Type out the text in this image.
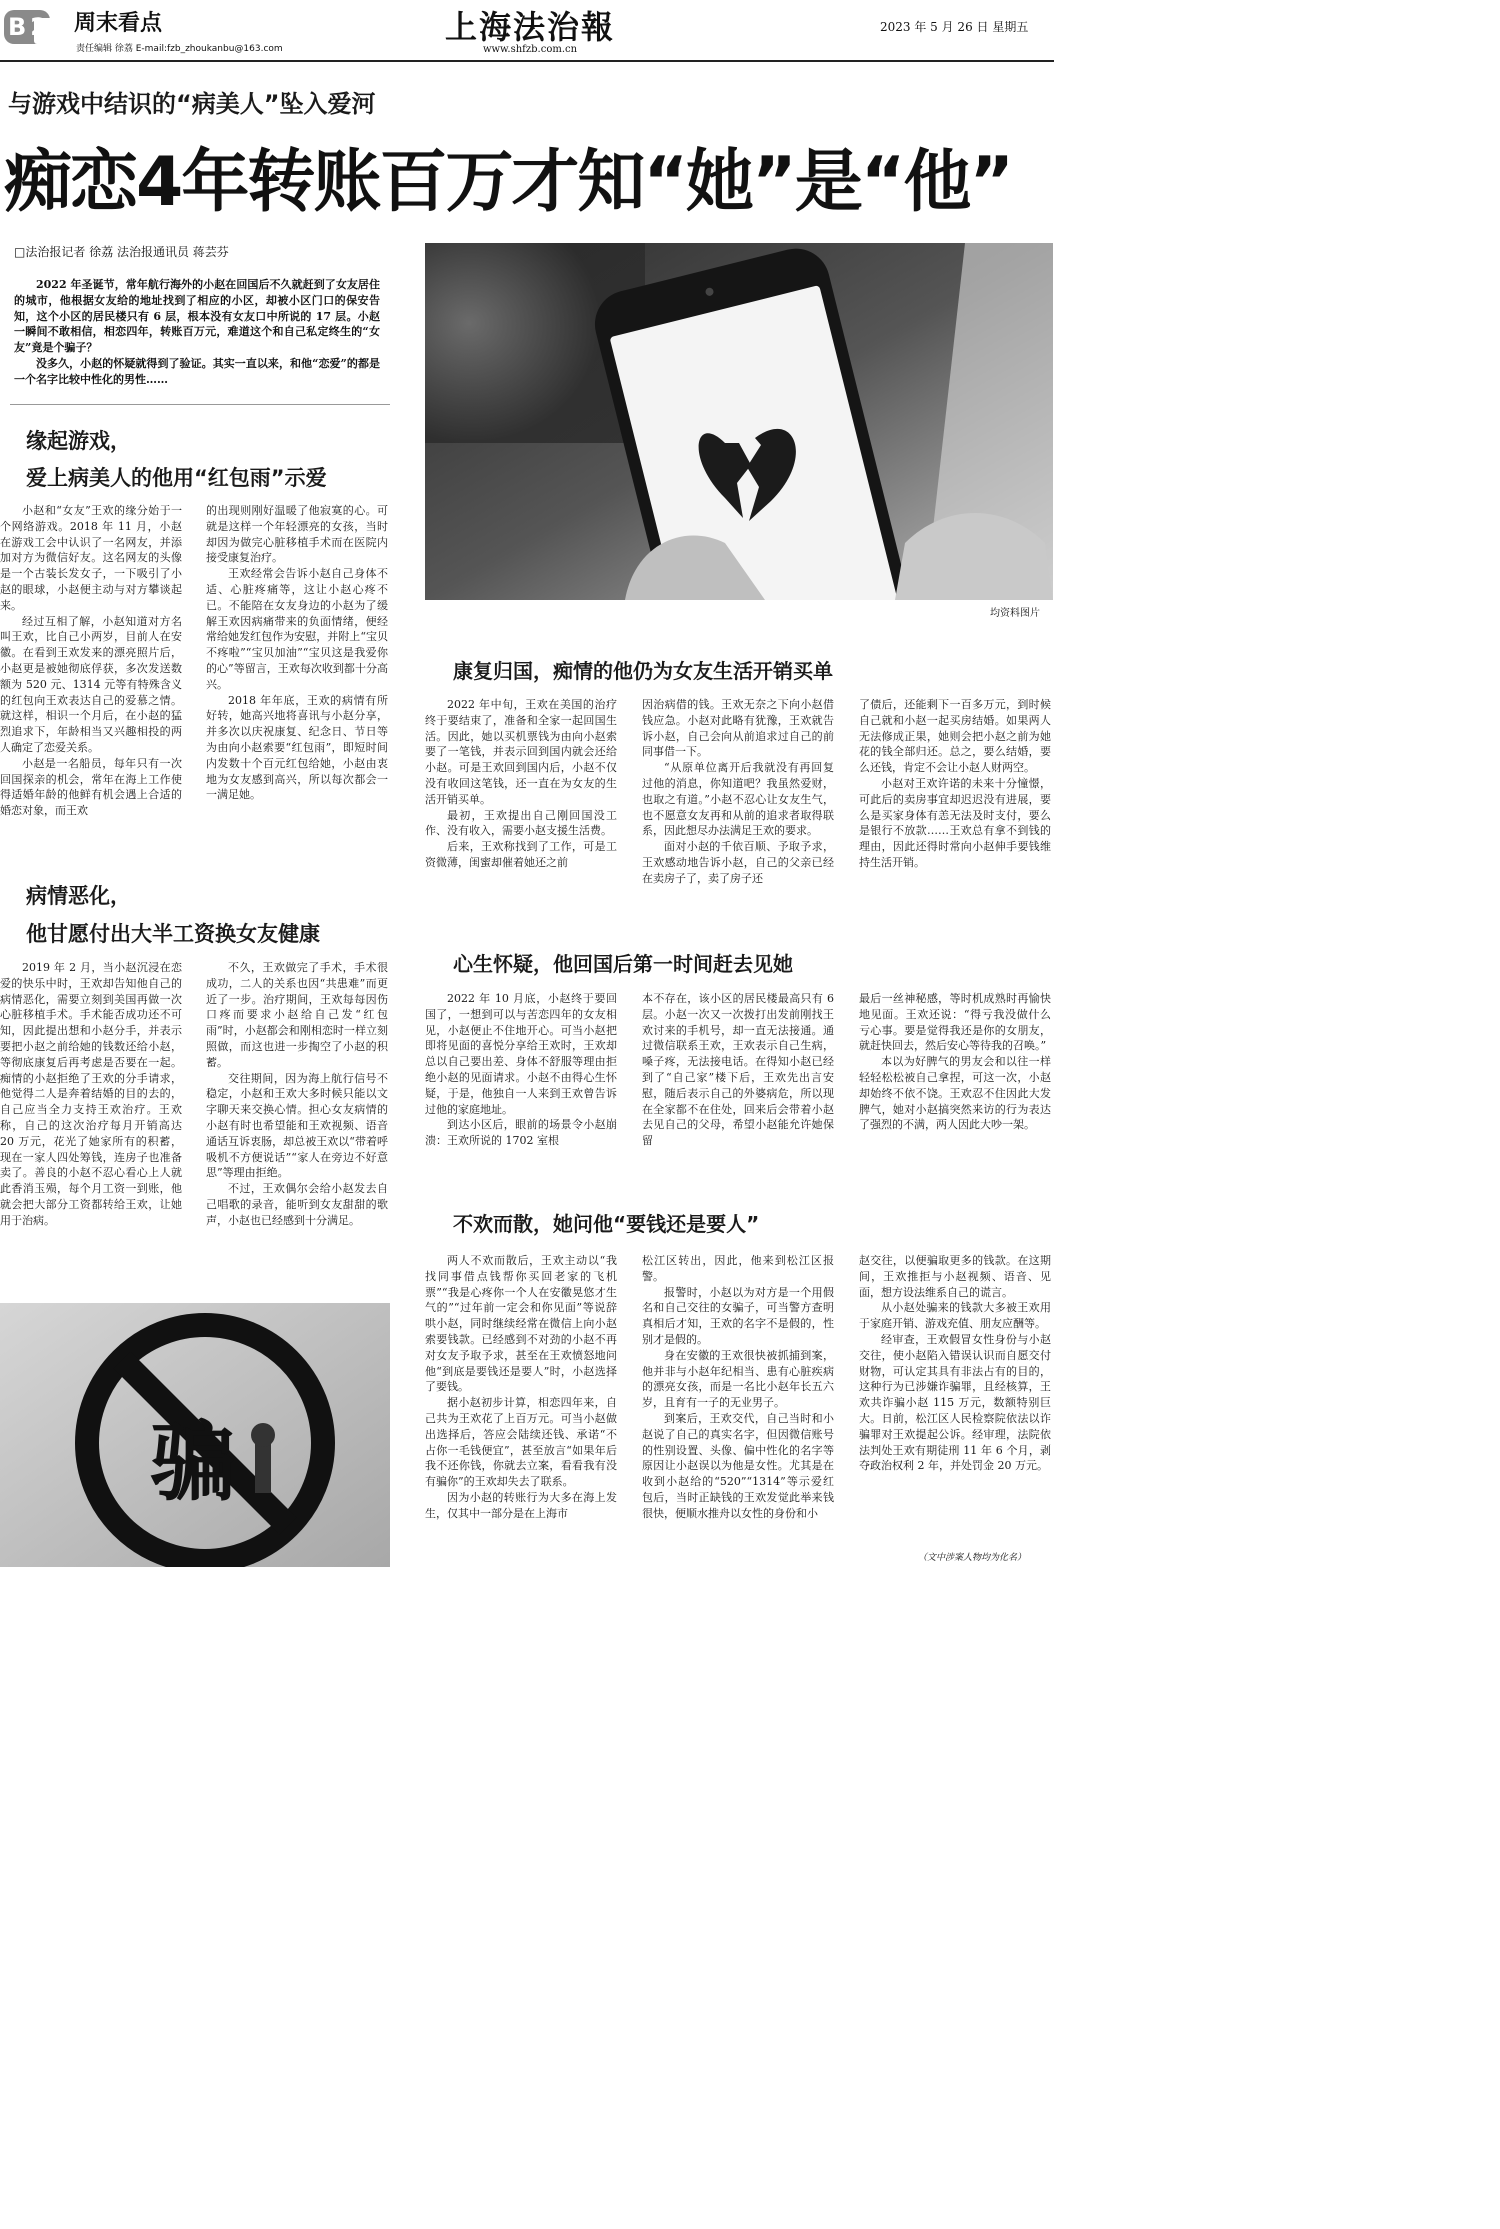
B2 周末看点
责任编辑 徐荔 E-mail:fzb_zhoukanbu@163.com
上海法治報
www.shfzb.com.cn
2023 年 5 月 26 日 星期五
与游戏中结识的“病美人”坠入爱河
痴恋4年转账百万才知“她”是“他”
□法治报记者 徐荔 法治报通讯员 蒋芸芬

2022 年圣诞节，常年航行海外的小赵在回国后不久就赶到了女友居住的城市，他根据女友给的地址找到了相应的小区，却被小区门口的保安告知，这个小区的居民楼只有 6 层，根本没有女友口中所说的 17 层。小赵一瞬间不敢相信，相恋四年，转账百万元，难道这个和自己私定终生的“女友”竟是个骗子？

没多久，小赵的怀疑就得到了验证。其实一直以来，和他“恋爱”的都是一个名字比较中性化的男性……

均资料图片
缘起游戏，
爱上病美人的他用“红包雨”示爱

小赵和“女友”王欢的缘分始于一个网络游戏。2018 年 11 月，小赵在游戏工会中认识了一名网友，并添加对方为微信好友。这名网友的头像是一个古装长发女子，一下吸引了小赵的眼球，小赵便主动与对方攀谈起来。

经过互相了解，小赵知道对方名叫王欢，比自己小两岁，目前人在安徽。在看到王欢发来的漂亮照片后，小赵更是被她彻底俘获，多次发送数额为 520 元、1314 元等有特殊含义的红包向王欢表达自己的爱慕之情。就这样，相识一个月后，在小赵的猛烈追求下，年龄相当又兴趣相投的两人确定了恋爱关系。

小赵是一名船员，每年只有一次回国探亲的机会，常年在海上工作使得适婚年龄的他鲜有机会遇上合适的婚恋对象，而王欢

的出现则刚好温暖了他寂寞的心。可就是这样一个年轻漂亮的女孩，当时却因为做完心脏移植手术而在医院内接受康复治疗。

王欢经常会告诉小赵自己身体不适、心脏疼痛等，这让小赵心疼不已。不能陪在女友身边的小赵为了缓解王欢因病痛带来的负面情绪，便经常给她发红包作为安慰，并附上“宝贝不疼啦”“宝贝加油”“宝贝这是我爱你的心”等留言，王欢每次收到都十分高兴。

2018 年年底，王欢的病情有所好转，她高兴地将喜讯与小赵分享，并多次以庆祝康复、纪念日、节日等为由向小赵索要“红包雨”，即短时间内发数十个百元红包给她，小赵由衷地为女友感到高兴，所以每次都会一一满足她。

病情恶化，
他甘愿付出大半工资换女友健康

2019 年 2 月，当小赵沉浸在恋爱的快乐中时，王欢却告知他自己的病情恶化，需要立刻到美国再做一次心脏移植手术。手术能否成功还不可知，因此提出想和小赵分手，并表示要把小赵之前给她的钱数还给小赵，等彻底康复后再考虑是否要在一起。痴情的小赵拒绝了王欢的分手请求，他觉得二人是奔着结婚的目的去的，自己应当全力支持王欢治疗。王欢称，自己的这次治疗每月开销高达 20 万元，花光了她家所有的积蓄，现在一家人四处筹钱，连房子也准备卖了。善良的小赵不忍心看心上人就此香消玉殒，每个月工资一到账，他就会把大部分工资都转给王欢，让她用于治病。

不久，王欢做完了手术，手术很成功，二人的关系也因“共患难”而更近了一步。治疗期间，王欢每每因伤口疼而要求小赵给自己发“红包雨”时，小赵都会和刚相恋时一样立刻照做，而这也进一步掏空了小赵的积蓄。

交往期间，因为海上航行信号不稳定，小赵和王欢大多时候只能以文字聊天来交换心情。担心女友病情的小赵有时也希望能和王欢视频、语音通话互诉衷肠，却总被王欢以“带着呼吸机不方便说话”“家人在旁边不好意思”等理由拒绝。

不过，王欢偶尔会给小赵发去自己唱歌的录音，能听到女友甜甜的歌声，小赵也已经感到十分满足。

骗
康复归国，痴情的他仍为女友生活开销买单

2022 年中旬，王欢在美国的治疗终于要结束了，准备和全家一起回国生活。因此，她以买机票钱为由向小赵索要了一笔钱，并表示回到国内就会还给小赵。可是王欢回到国内后，小赵不仅没有收回这笔钱，还一直在为女友的生活开销买单。

最初，王欢提出自己刚回国没工作、没有收入，需要小赵支援生活费。

后来，王欢称找到了工作，可是工资微薄，闺蜜却催着她还之前

因治病借的钱。王欢无奈之下向小赵借钱应急。小赵对此略有犹豫，王欢就告诉小赵，自己会向从前追求过自己的前同事借一下。

“从原单位离开后我就没有再回复过他的消息，你知道吧？我虽然爱财，也取之有道。”小赵不忍心让女友生气，也不愿意女友再和从前的追求者取得联系，因此想尽办法满足王欢的要求。

面对小赵的千依百顺、予取予求，王欢感动地告诉小赵，自己的父亲已经在卖房子了，卖了房子还

了债后，还能剩下一百多万元，到时候自己就和小赵一起买房结婚。如果两人无法修成正果，她则会把小赵之前为她花的钱全部归还。总之，要么结婚，要么还钱，肯定不会让小赵人财两空。

小赵对王欢许诺的未来十分憧憬，可此后的卖房事宜却迟迟没有进展，要么是买家身体有恙无法及时支付，要么是银行不放款……王欢总有拿不到钱的理由，因此还得时常向小赵伸手要钱维持生活开销。

心生怀疑，他回国后第一时间赶去见她

2022 年 10 月底，小赵终于要回国了，一想到可以与苦恋四年的女友相见，小赵便止不住地开心。可当小赵把即将见面的喜悦分享给王欢时，王欢却总以自己要出差、身体不舒服等理由拒绝小赵的见面请求。小赵不由得心生怀疑，于是，他独自一人来到王欢曾告诉过他的家庭地址。

到达小区后，眼前的场景令小赵崩溃：王欢所说的 1702 室根

本不存在，该小区的居民楼最高只有 6 层。小赵一次又一次拨打出发前刚找王欢讨来的手机号，却一直无法接通。通过微信联系王欢，王欢表示自己生病，嗓子疼，无法接电话。在得知小赵已经到了“自己家”楼下后，王欢先出言安慰，随后表示自己的外婆病危，所以现在全家都不在住处，回来后会带着小赵去见自己的父母，希望小赵能允许她保留

最后一丝神秘感，等时机成熟时再愉快地见面。王欢还说：“得亏我没做什么亏心事。要是觉得我还是你的女朋友，就赶快回去，然后安心等待我的召唤。”

本以为好脾气的男友会和以往一样轻轻松松被自己拿捏，可这一次，小赵却始终不依不饶。王欢忍不住因此大发脾气，她对小赵搞突然来访的行为表达了强烈的不满，两人因此大吵一架。

不欢而散，她问他“要钱还是要人”

两人不欢而散后，王欢主动以“我找同事借点钱帮你买回老家的飞机票”“我是心疼你一个人在安徽晃悠才生气的”“过年前一定会和你见面”等说辞哄小赵，同时继续经常在微信上向小赵索要钱款。已经感到不对劲的小赵不再对女友予取予求，甚至在王欢愤怒地问他“到底是要钱还是要人”时，小赵选择了要钱。

据小赵初步计算，相恋四年来，自己共为王欢花了上百万元。可当小赵做出选择后，答应会陆续还钱、承诺“不占你一毛钱便宜”，甚至放言“如果年后我不还你钱，你就去立案，看看我有没有骗你”的王欢却失去了联系。

因为小赵的转账行为大多在海上发生，仅其中一部分是在上海市

松江区转出，因此，他来到松江区报警。

报警时，小赵以为对方是一个用假名和自己交往的女骗子，可当警方查明真相后才知，王欢的名字不是假的，性别才是假的。

身在安徽的王欢很快被抓捕到案，他并非与小赵年纪相当、患有心脏疾病的漂亮女孩，而是一名比小赵年长五六岁，且育有一子的无业男子。

到案后，王欢交代，自己当时和小赵说了自己的真实名字，但因微信账号的性别设置、头像、偏中性化的名字等原因让小赵误以为他是女性。尤其是在收到小赵给的“520”“1314”等示爱红包后，当时正缺钱的王欢发觉此举来钱很快，便顺水推舟以女性的身份和小

赵交往，以便骗取更多的钱款。在这期间，王欢推拒与小赵视频、语音、见面，想方设法维系自己的谎言。

从小赵处骗来的钱款大多被王欢用于家庭开销、游戏充值、朋友应酬等。

经审查，王欢假冒女性身份与小赵交往，使小赵陷入错误认识而自愿交付财物，可认定其具有非法占有的目的，这种行为已涉嫌诈骗罪，且经核算，王欢共诈骗小赵 115 万元，数额特别巨大。日前，松江区人民检察院依法以诈骗罪对王欢提起公诉。经审理，法院依法判处王欢有期徒刑 11 年 6 个月，剥夺政治权利 2 年，并处罚金 20 万元。

（文中涉案人物均为化名）
